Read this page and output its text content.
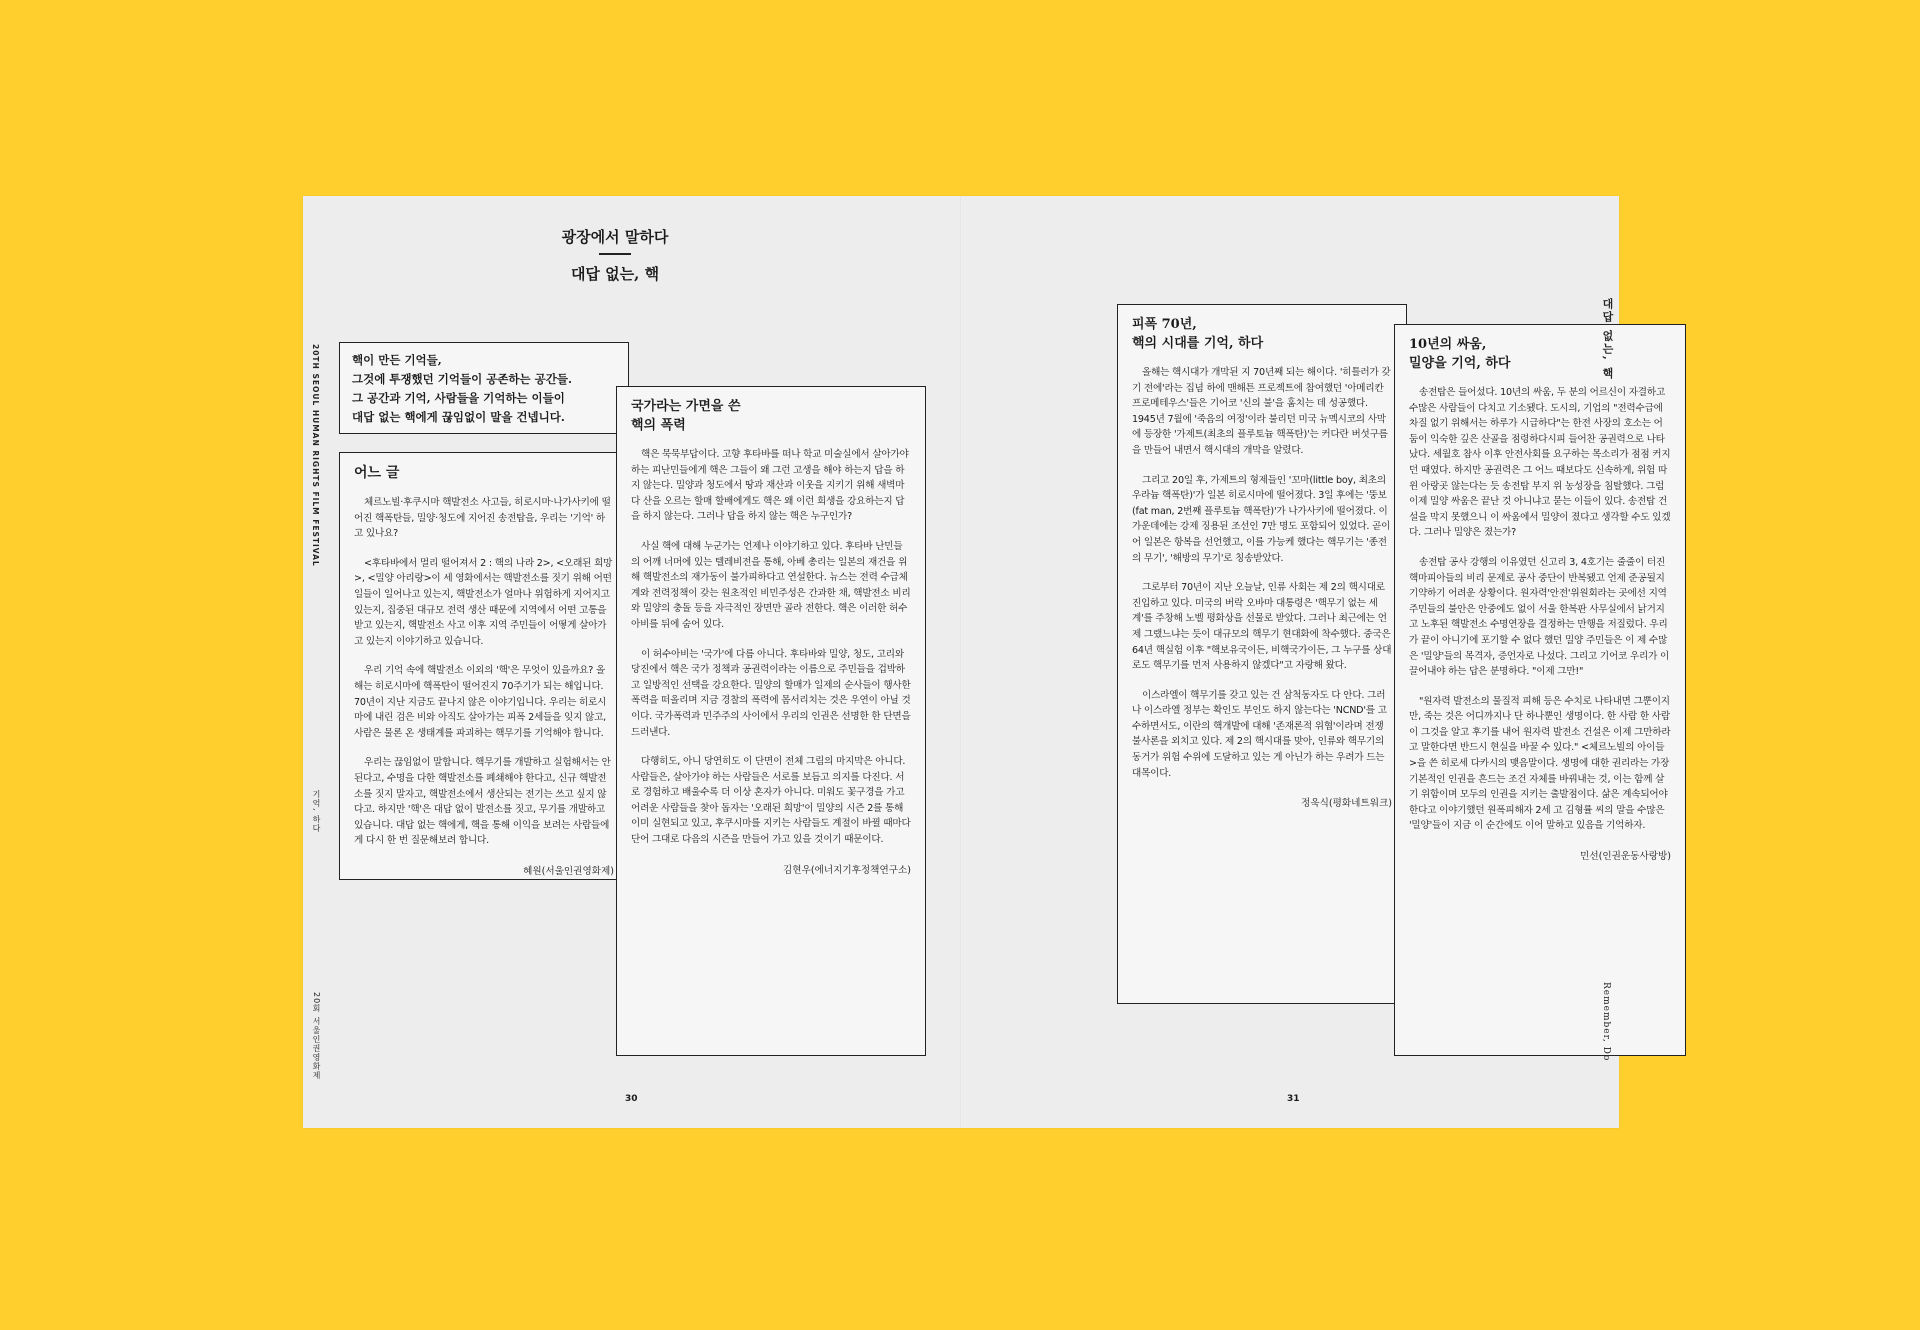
광장에서 말하다
대답 없는, 핵
20TH SEOUL HUMAN RIGHTS FILM FESTIVAL
기억, 하다
20회 서울인권영화제
핵이 만든 기억들,
그것에 투쟁했던 기억들이 공존하는 공간들.
그 공간과 기억, 사람들을 기억하는 이들이
대답 없는 핵에게 끊임없이 말을 건넵니다.
어느 글

체르노빌·후쿠시마 핵발전소 사고들, 히로시마·나가사키에 떨어진 핵폭탄들, 밀양·청도에 지어진 송전탑을, 우리는 '기억' 하고 있나요?

<후타바에서 멀리 떨어져서 2 : 핵의 나라 2>, <오래된 희망>, <밀양 아리랑>이 세 영화에서는 핵발전소를 짓기 위해 어떤 일들이 일어나고 있는지, 핵발전소가 얼마나 위험하게 지어지고 있는지, 집중된 대규모 전력 생산 때문에 지역에서 어떤 고통을 받고 있는지, 핵발전소 사고 이후 지역 주민들이 어떻게 살아가고 있는지 이야기하고 있습니다.

우리 기억 속에 핵발전소 이외의 '핵'은 무엇이 있을까요? 올해는 히로시마에 핵폭탄이 떨어진지 70주기가 되는 해입니다. 70년이 지난 지금도 끝나지 않은 이야기입니다. 우리는 히로시마에 내린 검은 비와 아직도 살아가는 피폭 2세들을 잊지 않고, 사람은 물론 온 생태계를 파괴하는 핵무기를 기억해야 합니다.

우리는 끊임없이 말합니다. 핵무기를 개발하고 실험해서는 안 된다고, 수명을 다한 핵발전소를 폐쇄해야 한다고, 신규 핵발전소를 짓지 말자고, 핵발전소에서 생산되는 전기는 쓰고 싶지 않다고. 하지만 '핵'은 대답 없이 발전소를 짓고, 무기를 개발하고 있습니다. 대답 없는 핵에게, 핵을 통해 이익을 보려는 사람들에게 다시 한 번 질문해보려 합니다.

혜원(서울인권영화제)
국가라는 가면을 쓴
핵의 폭력

핵은 묵묵부답이다. 고향 후타바를 떠나 학교 미술실에서 살아가야 하는 피난민들에게 핵은 그들이 왜 그런 고생을 해야 하는지 답을 하지 않는다. 밀양과 청도에서 땅과 재산과 이웃을 지키기 위해 새벽마다 산을 오르는 할매 할배에게도 핵은 왜 이런 희생을 강요하는지 답을 하지 않는다. 그러나 답을 하지 않는 핵은 누구인가?

사실 핵에 대해 누군가는 언제나 이야기하고 있다. 후타바 난민들의 어깨 너머에 있는 텔레비전을 통해, 아베 총리는 일본의 재건을 위해 핵발전소의 재가동이 불가피하다고 연설한다. 뉴스는 전력 수급체계와 전력정책이 갖는 원초적인 비민주성은 간과한 채, 핵발전소 비리와 밀양의 충돌 등을 자극적인 장면만 골라 전한다. 핵은 이러한 허수아비를 뒤에 숨어 있다.

이 허수아비는 '국가'에 다름 아니다. 후타바와 밀양, 청도, 고리와 당진에서 핵은 국가 정책과 공권력이라는 이름으로 주민들을 겁박하고 일방적인 선택을 강요한다. 밀양의 할매가 일제의 순사들이 행사한 폭력을 떠올리며 지금 경찰의 폭력에 몸서리치는 것은 우연이 아닐 것이다. 국가폭력과 민주주의 사이에서 우리의 인권은 선명한 한 단면을 드러낸다.

다행히도, 아니 당연히도 이 단면이 전체 그림의 마지막은 아니다. 사람들은, 살아가야 하는 사람들은 서로를 보듬고 의지를 다진다. 서로 경험하고 배울수록 더 이상 혼자가 아니다. 미워도 꽃구경을 가고 어려운 사람들을 찾아 돕자는 '오래된 희망'이 밀양의 시즌 2를 통해 이미 실현되고 있고, 후쿠시마를 지키는 사람들도 계절이 바뀔 때마다 단어 그대로 다음의 시즌을 만들어 가고 있을 것이기 때문이다.

김현우(에너지기후정책연구소)
30
피폭 70년,
핵의 시대를 기억, 하다

올해는 핵시대가 개막된 지 70년째 되는 해이다. '히틀러가 갖기 전에'라는 집념 하에 맨해튼 프로젝트에 참여했던 '아메리칸 프로메테우스'들은 기어코 '신의 불'을 훔치는 데 성공했다. 1945년 7월에 '죽음의 여정'이라 불리던 미국 뉴멕시코의 사막에 등장한 '가제트(최초의 플루토늄 핵폭탄)'는 커다란 버섯구름을 만들어 내면서 핵시대의 개막을 알렸다.

그리고 20일 후, 가제트의 형제들인 '꼬마(little boy, 최초의 우라늄 핵폭탄)'가 일본 히로시마에 떨어졌다. 3일 후에는 '뚱보(fat man, 2번째 플루토늄 핵폭탄)'가 나가사키에 떨어졌다. 이 가운데에는 강제 징용된 조선인 7만 명도 포함되어 있었다. 곧이어 일본은 항복을 선언했고, 이를 가능케 했다는 핵무기는 '종전의 무기', '해방의 무기'로 칭송받았다.

그로부터 70년이 지난 오늘날, 인류 사회는 제 2의 핵시대로 진입하고 있다. 미국의 버락 오바마 대통령은 '핵무기 없는 세계'를 주창해 노벨 평화상을 선물로 받았다. 그러나 최근에는 언제 그랬느냐는 듯이 대규모의 핵무기 현대화에 착수했다. 중국은 64년 핵실험 이후 "핵보유국이든, 비핵국가이든, 그 누구를 상대로도 핵무기를 먼저 사용하지 않겠다"고 자랑해 왔다.

이스라엘이 핵무기를 갖고 있는 건 삼척동자도 다 안다. 그러나 이스라엘 정부는 확인도 부인도 하지 않는다는 'NCND'를 고수하면서도, 이란의 핵개발에 대해 '존재론적 위협'이라며 전쟁불사론을 외치고 있다. 제 2의 핵시대를 맞아, 인류와 핵무기의 동거가 위험 수위에 도달하고 있는 게 아닌가 하는 우려가 드는 대목이다.

정욱식(평화네트워크)
10년의 싸움,
밀양을 기억, 하다

송전탑은 들어섰다. 10년의 싸움, 두 분의 어르신이 자결하고 수많은 사람들이 다치고 기소됐다. 도시의, 기업의 "전력수급에 차질 없기 위해서는 하루가 시급하다"는 한전 사장의 호소는 어둠이 익숙한 깊은 산골을 점령하다시피 들어찬 공권력으로 나타났다. 세월호 참사 이후 안전사회를 요구하는 목소리가 점점 커지던 때였다. 하지만 공권력은 그 어느 때보다도 신속하게, 위험 따윈 아랑곳 않는다는 듯 송전탑 부지 위 농성장을 침탈했다. 그럼 이제 밀양 싸움은 끝난 것 아니냐고 묻는 이들이 있다. 송전탑 건설을 막지 못했으니 이 싸움에서 밀양이 졌다고 생각할 수도 있겠다. 그러나 밀양은 졌는가?

송전탑 공사 강행의 이유였던 신고리 3, 4호기는 줄줄이 터진 핵마피아들의 비리 문제로 공사 중단이 반복됐고 언제 준공될지 기약하기 어려운 상황이다. 원자력'안전'위원회라는 곳에선 지역 주민들의 불안은 안중에도 없이 서울 한복판 사무실에서 낡거지고 노후된 핵발전소 수명연장을 결정하는 만행을 저질렀다. 우리가 끝이 아니기에 포기할 수 없다 했던 밀양 주민들은 이 제 수많은 '밀양'들의 목격자, 증언자로 나섰다. 그리고 기어코 우리가 이끌어내야 하는 답은 분명하다. "이제 그만!"

"원자력 발전소의 물질적 피해 등은 수치로 나타내면 그뿐이지만, 죽는 것은 어디까지나 단 하나뿐인 생명이다. 한 사람 한 사람이 그것을 알고 후기를 내어 원자력 발전소 건설은 이제 그만하라고 말한다면 반드시 현실을 바꿀 수 있다." <체르노빌의 아이들>을 쓴 히로세 다카시의 맺음말이다. 생명에 대한 권리라는 가장 기본적인 인권을 흔드는 조건 자체를 바꿔내는 것, 이는 함께 살기 위함이며 모두의 인권을 지키는 출발점이다. 삶은 계속되어야 한다고 이야기했던 원폭피해자 2세 고 김형률 씨의 말을 수많은 '밀양'들이 지금 이 순간에도 이어 말하고 있음을 기억하자.

민선(인권운동사랑방)
대답 없는, 핵
Remember, Do
31
